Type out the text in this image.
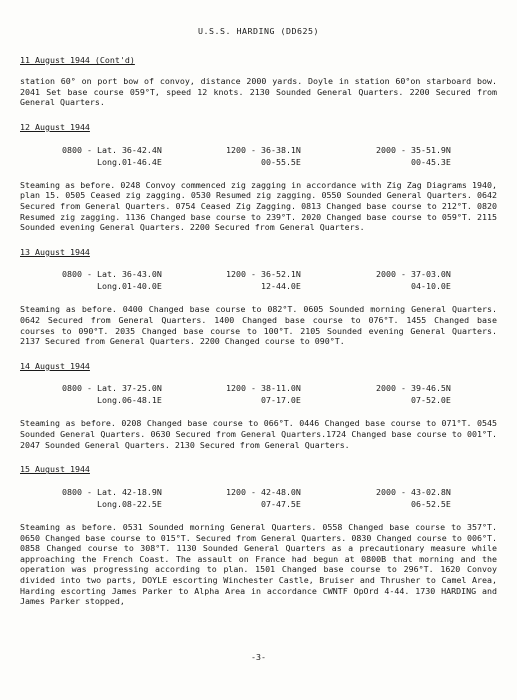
U.S.S. HARDING (DD625)
11 August 1944 (Cont'd)
station 60° on port bow of convoy, distance 2000 yards. Doyle in station 60°on starboard bow. 2041 Set base course 059°T, speed 12 knots. 2130 Sounded General Quarters. 2200 Secured from General Quarters.
12 August 1944
0800 - Lat. 36-42.4N
Long.01-46.4E
1200 - 36-38.1N
00-55.5E
2000 - 35-51.9N
00-45.3E
Steaming as before. 0248 Convoy commenced zig zagging in accordance with Zig Zag Diagrams 1940, plan 15. 0505 Ceased zig zagging. 0530 Resumed zig zagging. 0550 Sounded General Quarters. 0642 Secured from General Quarters. 0754 Ceased Zig Zagging. 0813 Changed base course to 212°T. 0820 Resumed zig zagging. 1136 Changed base course to 239°T. 2020 Changed base course to 059°T. 2115 Sounded evening General Quarters. 2200 Secured from General Quarters.
13 August 1944
0800 - Lat. 36-43.0N
Long.01-40.0E
1200 - 36-52.1N
12-44.0E
2000 - 37-03.0N
04-10.0E
Steaming as before. 0400 Changed base course to 082°T. 0605 Sounded morning General Quarters. 0642 Secured from General Quarters. 1400 Changed base course to 076°T. 1455 Changed base courses to 090°T. 2035 Changed base course to 100°T. 2105 Sounded evening General Quarters. 2137 Secured from General Quarters. 2200 Changed course to 090°T.
14 August 1944
0800 - Lat. 37-25.0N
Long.06-48.1E
1200 - 38-11.0N
07-17.0E
2000 - 39-46.5N
07-52.0E
Steaming as before. 0208 Changed base course to 066°T. 0446 Changed base course to 071°T. 0545 Sounded General Quarters. 0630 Secured from General Quarters.1724 Changed base course to 001°T. 2047 Sounded General Quarters. 2130 Secured from General Quarters.
15 August 1944
0800 - Lat. 42-18.9N
Long.08-22.5E
1200 - 42-48.0N
07-47.5E
2000 - 43-02.8N
06-52.5E
Steaming as before. 0531 Sounded morning General Quarters. 0558 Changed base course to 357°T. 0650 Changed base course to 015°T. Secured from General Quarters. 0830 Changed course to 006°T. 0858 Changed course to 308°T. 1130 Sounded General Quarters as a precautionary measure while approaching the French Coast. The assault on France had begun at 0800B that morning and the operation was progressing according to plan. 1501 Changed base course to 296°T. 1620 Convoy divided into two parts, DOYLE escorting Winchester Castle, Bruiser and Thrusher to Camel Area, Harding escorting James Parker to Alpha Area in accordance CWNTF OpOrd 4-44. 1730 HARDING and James Parker stopped,
-3-
